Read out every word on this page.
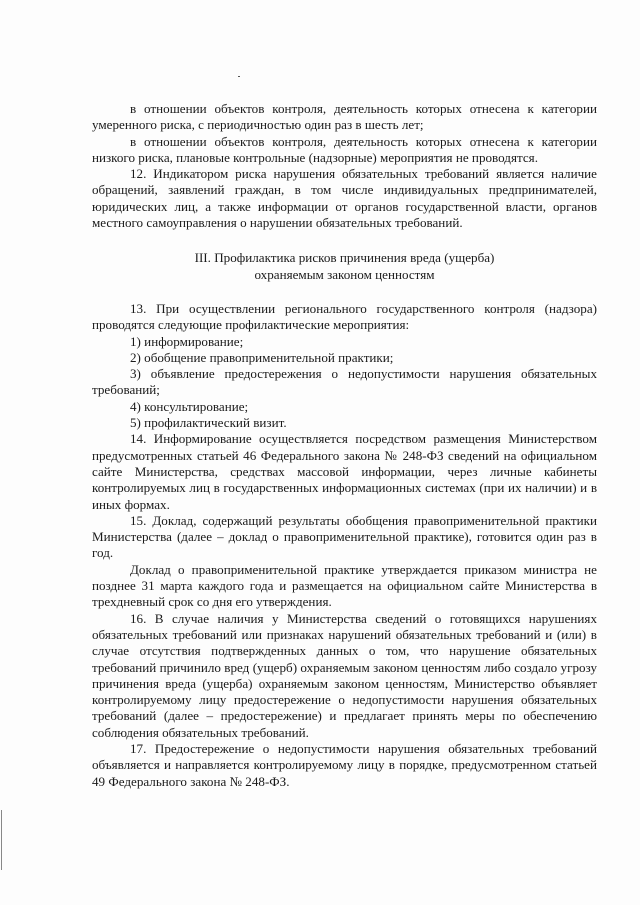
в отношении объектов контроля, деятельность которых отнесена к категории умеренного риска, с периодичностью один раз в шесть лет;

в отношении объектов контроля, деятельность которых отнесена к категории низкого риска, плановые контрольные (надзорные) мероприятия не проводятся.

12. Индикатором риска нарушения обязательных требований является наличие обращений, заявлений граждан, в том числе индивидуальных предпринимателей, юридических лиц, а также информации от органов государственной власти, органов местного самоуправления о нарушении обязательных требований.

III. Профилактика рисков причинения вреда (ущерба)

охраняемым законом ценностям

13. При осуществлении регионального государственного контроля (надзора) проводятся следующие профилактические мероприятия:

1) информирование;

2) обобщение правоприменительной практики;

3) объявление предостережения о недопустимости нарушения обязательных требований;

4) консультирование;

5) профилактический визит.

14. Информирование осуществляется посредством размещения Министерством предусмотренных статьей 46 Федерального закона № 248-ФЗ сведений на официальном сайте Министерства, средствах массовой информации, через личные кабинеты контролируемых лиц в государственных информационных системах (при их наличии) и в иных формах.

15. Доклад, содержащий результаты обобщения правоприменительной практики Министерства (далее – доклад о правоприменительной практике), готовится один раз в год.

Доклад о правоприменительной практике утверждается приказом министра не позднее 31 марта каждого года и размещается на официальном сайте Министерства в трехдневный срок со дня его утверждения.

16. В случае наличия у Министерства сведений о готовящихся нарушениях обязательных требований или признаках нарушений обязательных требований и (или) в случае отсутствия подтвержденных данных о том, что нарушение обязательных требований причинило вред (ущерб) охраняемым законом ценностям либо создало угрозу причинения вреда (ущерба) охраняемым законом ценностям, Министерство объявляет контролируемому лицу предостережение о недопустимости нарушения обязательных требований (далее – предостережение) и предлагает принять меры по обеспечению соблюдения обязательных требований.

17. Предостережение о недопустимости нарушения обязательных требований объявляется и направляется контролируемому лицу в порядке, предусмотренном статьей 49 Федерального закона № 248-ФЗ.
